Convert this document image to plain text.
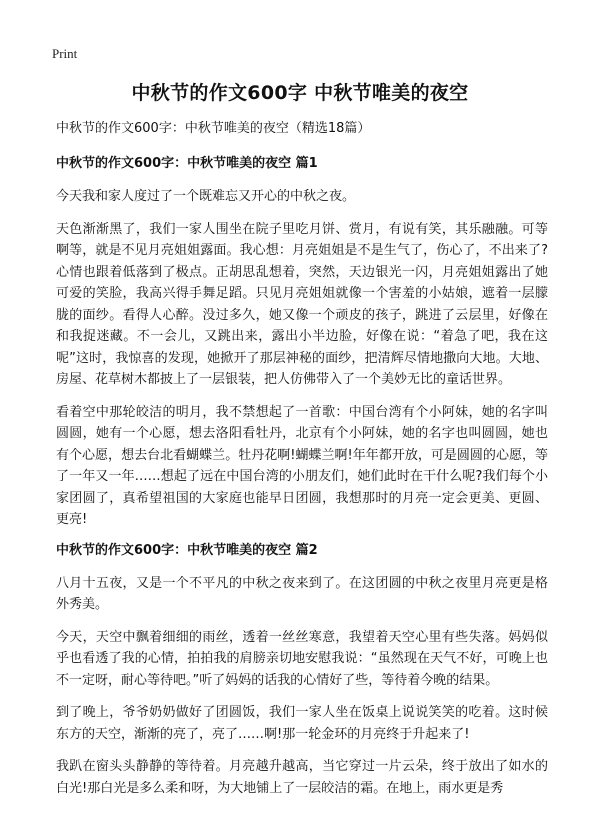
Print
中秋节的作文600字 中秋节唯美的夜空
中秋节的作文600字：中秋节唯美的夜空（精选18篇）
中秋节的作文600字：中秋节唯美的夜空 篇1

今天我和家人度过了一个既难忘又开心的中秋之夜。

天色渐渐黑了，我们一家人围坐在院子里吃月饼、赏月，有说有笑，其乐融融。可等啊等，就是不见月亮姐姐露面。我心想：月亮姐姐是不是生气了，伤心了，不出来了?心情也跟着低落到了极点。正胡思乱想着，突然，天边银光一闪，月亮姐姐露出了她可爱的笑脸，我高兴得手舞足蹈。只见月亮姐姐就像一个害羞的小姑娘，遮着一层朦胧的面纱。看得人心醉。没过多久，她又像一个顽皮的孩子，跳进了云层里，好像在和我捉迷藏。不一会儿，又跳出来，露出小半边脸，好像在说：“着急了吧，我在这呢”这时，我惊喜的发现，她掀开了那层神秘的面纱，把清辉尽情地撒向大地。大地、房屋、花草树木都披上了一层银装，把人仿佛带入了一个美妙无比的童话世界。

看着空中那轮皎洁的明月，我不禁想起了一首歌：中国台湾有个小阿妹，她的名字叫圆圆，她有一个心愿，想去洛阳看牡丹，北京有个小阿妹，她的名字也叫圆圆，她也有个心愿，想去台北看蝴蝶兰。牡丹花啊!蝴蝶兰啊!年年都开放，可是圆圆的心愿，等了一年又一年……想起了远在中国台湾的小朋友们，她们此时在干什么呢?我们每个小家团圆了，真希望祖国的大家庭也能早日团圆，我想那时的月亮一定会更美、更圆、更亮!

中秋节的作文600字：中秋节唯美的夜空 篇2

八月十五夜，又是一个不平凡的中秋之夜来到了。在这团圆的中秋之夜里月亮更是格外秀美。

今天，天空中飘着细细的雨丝，透着一丝丝寒意，我望着天空心里有些失落。妈妈似乎也看透了我的心情，拍拍我的肩膀亲切地安慰我说：“虽然现在天气不好，可晚上也不一定呀，耐心等待吧。”听了妈妈的话我的心情好了些，等待着今晚的结果。

到了晚上，爷爷奶奶做好了团圆饭，我们一家人坐在饭桌上说说笑笑的吃着。这时候东方的天空，渐渐的亮了，亮了……啊!那一轮金环的月亮终于升起来了!

我趴在窗头头静静的等待着。月亮越升越高，当它穿过一片云朵，终于放出了如水的白光!那白光是多么柔和呀，为大地铺上了一层皎洁的霜。在地上，雨水更是秀
